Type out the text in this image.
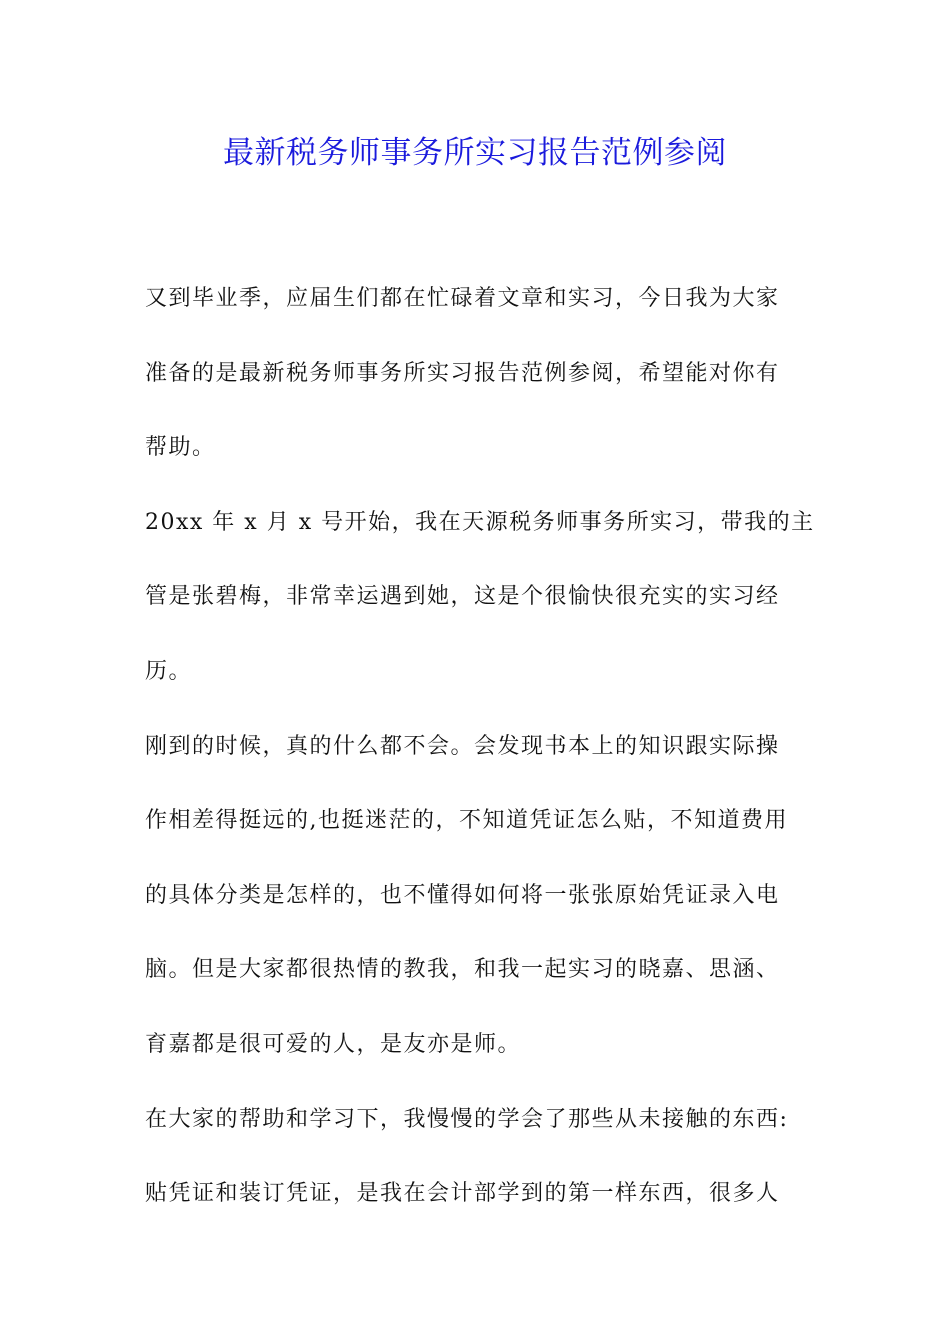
最新税务师事务所实习报告范例参阅
又到毕业季，应届生们都在忙碌着文章和实习，今日我为大家
准备的是最新税务师事务所实习报告范例参阅，希望能对你有
帮助。
20xx 年 x 月 x 号开始，我在天源税务师事务所实习，带我的主
管是张碧梅，非常幸运遇到她，这是个很愉快很充实的实习经
历。
刚到的时候，真的什么都不会。会发现书本上的知识跟实际操
作相差得挺远的,也挺迷茫的，不知道凭证怎么贴，不知道费用
的具体分类是怎样的，也不懂得如何将一张张原始凭证录入电
脑。但是大家都很热情的教我，和我一起实习的晓嘉、思涵、
育嘉都是很可爱的人，是友亦是师。
在大家的帮助和学习下，我慢慢的学会了那些从未接触的东西:
贴凭证和装订凭证，是我在会计部学到的第一样东西，很多人
